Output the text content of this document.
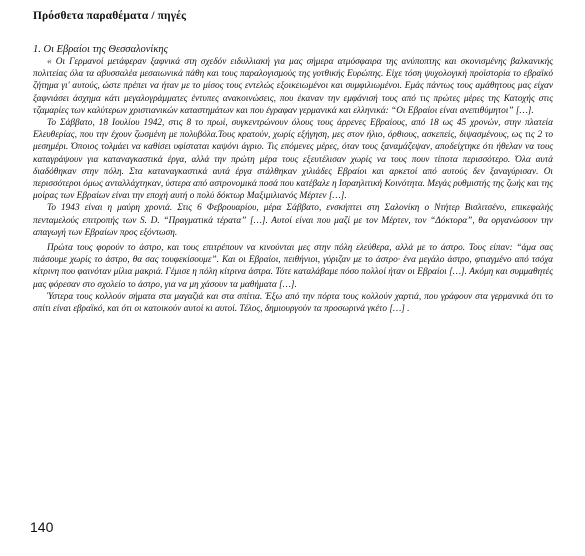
Πρόσθετα παραθέματα / πηγές
1. Οι Εβραίοι της Θεσσαλονίκης

« Οι Γερμανοί μετάφεραν ξαφνικά στη σχεδόν ειδυλλιακή για μας σήμερα ατμόσφαιρα της ανύποπτης και σκονισμένης βαλκανικής πολιτείας όλα τα αβυσσαλέα μεσαιωνικά πάθη και τους παραλογισμούς της γοτθικής Ευρώπης. Είχε τόση ψυχολογική προϊστορία το εβραϊκό ζήτημα γι' αυτούς, ώστε πρέπει να ήταν με το μίσος τους εντελώς εξοικειωμένοι και συμφιλιωμένοι. Εμάς πάντως τους αμάθητους μας είχαν ξαφνιάσει άσχημα κάτι μεγαλογράμματες έντυπες ανακοινώσεις, που έκαναν την εμφάνισή τους από τις πρώτες μέρες της Κατοχής στις τζαμαρίες των καλύτερων χριστιανικών καταστημάτων και που έγραφαν γερμανικά και ελληνικά: “Οι Εβραίοι είναι ανεπιθύμητοι” […].

Το Σάββατο, 18 Ιουλίου 1942, στις 8 το πρωί, συγκεντρώνουν όλους τους άρρενες Εβραίους, από 18 ως 45 χρονών, στην πλατεία Ελευθερίας, που την έχουν ζωσμένη με πολυβόλα.Τους κρατούν, χωρίς εξήγηση, μες στον ήλιο, όρθιους, ασκεπείς, διψασμένους, ως τις 2 το μεσημέρι. Όποιος τολμάει να καθίσει υφίσταται καψόνι άγριο. Τις επόμενες μέρες, όταν τους ξαναμάζεψαν, αποδείχτηκε ότι ήθελαν να τους καταγράψουν για καταναγκαστικά έργα, αλλά την πρώτη μέρα τους εξευτέλισαν χωρίς να τους πουν τίποτα περισσότερο. Όλα αυτά διαδόθηκαν στην πόλη. Στα καταναγκαστικά αυτά έργα στάλθηκαν χιλιάδες Εβραίοι και αρκετοί από αυτούς δεν ξαναγύρισαν. Οι περισσότεροι όμως ανταλλάχτηκαν, ύστερα από αστρονομικά ποσά που κατέβαλε η Ισραηλιτική Κοινότητα. Μεγάς ρυθμιστής της ζωής και της μοίρας των Εβραίων είναι την εποχή αυτή ο πολύ δόκτωρ Μαξιμιλιανός Μέρτεν […].

Το 1943 είναι η μαύρη χρονιά. Στις 6 Φεβρουαρίου, μέρα Σάββατο, ενσκήπτει στη Σαλονίκη ο Ντήτερ Βισλιτσένυ, επικεφαλής πενταμελούς επιτροπής των S. D. “Πραγματικά τέρατα” […]. Αυτοί είναι που μαζί με τον Μέρτεν, τον “Δόκτορα”, θα οργανώσουν την απαγωγή των Εβραίων προς εξόντωση.

Πρώτα τους φορούν το άστρο, και τους επιτρέπουν να κινούνται μες στην πόλη ελεύθερα, αλλά με το άστρο. Τους είπαν: “άμα σας πιάσουμε χωρίς το άστρο, θα σας τουφεκίσουμε”. Και οι Εβραίοι, πειθήνιοι, γύριζαν με το άστρο· ένα μεγάλο άστρο, φτιαγμένο από τσόχα κίτρινη που φαινόταν μίλια μακριά. Γέμισε η πόλη κίτρινα άστρα. Τότε καταλάβαμε πόσο πολλοί ήταν οι Εβραίοι […]. Ακόμη και συμμαθητές μας φόρεσαν στο σχολείο το άστρο, για να μη χάσουν τα μαθήματα […].

Ύστερα τους κολλούν σήματα στα μαγαζιά και στα σπίτια. Έξω από την πόρτα τους κολλούν χαρτιά, που γράφουν στα γερμανικά ότι το σπίτι είναι εβραϊκό, και ότι οι κατοικούν αυτοί κι αυτοί. Τέλος, δημιουργούν τα προσωρινά γκέτο […] .

140
